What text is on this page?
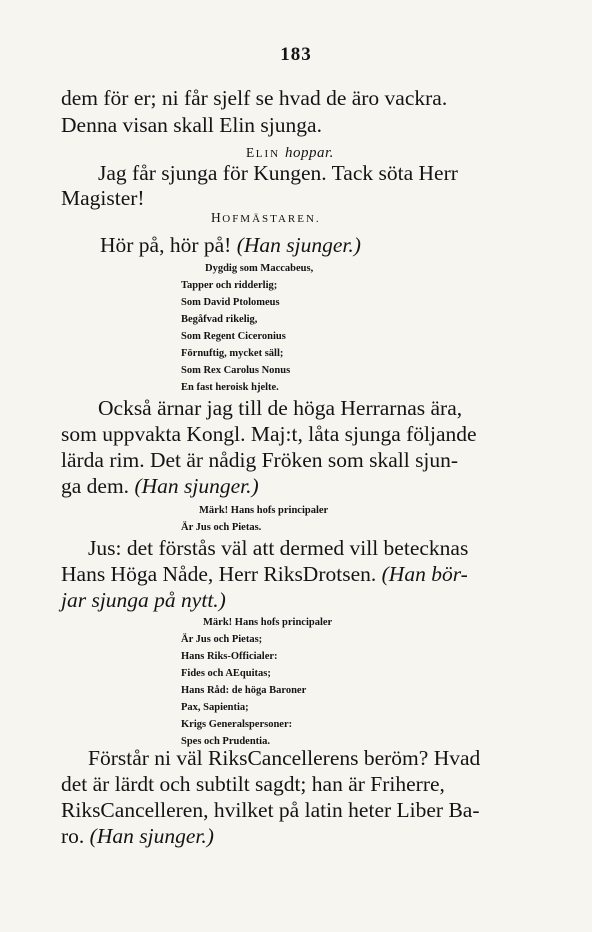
183
dem för er; ni får sjelf se hvad de äro vackra.
Denna visan skall Elin sjunga.
ELIN hoppar.
Jag får sjunga för Kungen. Tack söta Herr
Magister!
HOFMÄSTAREN.
Hör på, hör på! (Han sjunger.)
Dygdig som Maccabeus,
Tapper och ridderlig;
Som David Ptolomeus
Begåfvad rikelig,
Som Regent Ciceronius
Förnuftig, mycket säll;
Som Rex Carolus Nonus
En fast heroisk hjelte.
Också ärnar jag till de höga Herrarnas ära,
som uppvakta Kongl. Maj:t, låta sjunga följande
lärda rim. Det är nådig Fröken som skall sjun-
ga dem. (Han sjunger.)
Märk! Hans hofs principaler
Är Jus och Pietas.
Jus: det förstås väl att dermed vill betecknas
Hans Höga Nåde, Herr RiksDrotsen. (Han bör-
jar sjunga på nytt.)
Märk! Hans hofs principaler
Är Jus och Pietas;
Hans Riks-Officialer:
Fides och AEquitas;
Hans Råd: de höga Baroner
Pax, Sapientia;
Krigs Generalspersoner:
Spes och Prudentia.
Förstår ni väl RiksCancellerens beröm? Hvad
det är lärdt och subtilt sagdt; han är Friherre,
RiksCancelleren, hvilket på latin heter Liber Ba-
ro. (Han sjunger.)
